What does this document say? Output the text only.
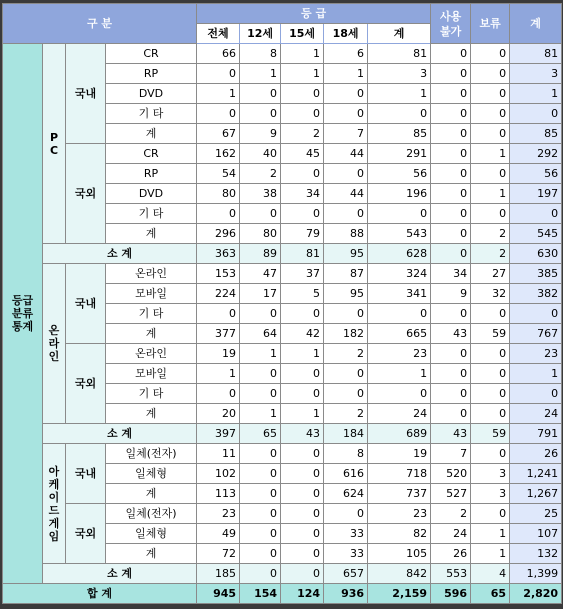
구 분				등 급					사용 불가	보류	계
				전체	12세	15세	18세	계			
등급 분류 통계	P C	국내	CR	66	8	1	6	81	0	0	81
			RP	0	1	1	1	3	0	0	3
			DVD	1	0	0	0	1	0	0	1
			기 타	0	0	0	0	0	0	0	0
			계	67	9	2	7	85	0	0	85
		국외	CR	162	40	45	44	291	0	1	292
			RP	54	2	0	0	56	0	0	56
			DVD	80	38	34	44	196	0	1	197
			기 타	0	0	0	0	0	0	0	0
			계	296	80	79	88	543	0	2	545
	소 계			363	89	81	95	628	0	2	630
	온 라 인	국내	온라인	153	47	37	87	324	34	27	385
			모바일	224	17	5	95	341	9	32	382
			기 타	0	0	0	0	0	0	0	0
			계	377	64	42	182	665	43	59	767
		국외	온라인	19	1	1	2	23	0	0	23
			모바일	1	0	0	0	1	0	0	1
			기 타	0	0	0	0	0	0	0	0
			계	20	1	1	2	24	0	0	24
	소 계			397	65	43	184	689	43	59	791
	아 케 이 드 게 임	국내	일체(전자)	11	0	0	8	19	7	0	26
			일체형	102	0	0	616	718	520	3	1,241
			계	113	0	0	624	737	527	3	1,267
		국외	일체(전자)	23	0	0	0	23	2	0	25
			일체형	49	0	0	33	82	24	1	107
			계	72	0	0	33	105	26	1	132
	소 계			185	0	0	657	842	553	4	1,399
합 계				945	154	124	936	2,159	596	65	2,820
